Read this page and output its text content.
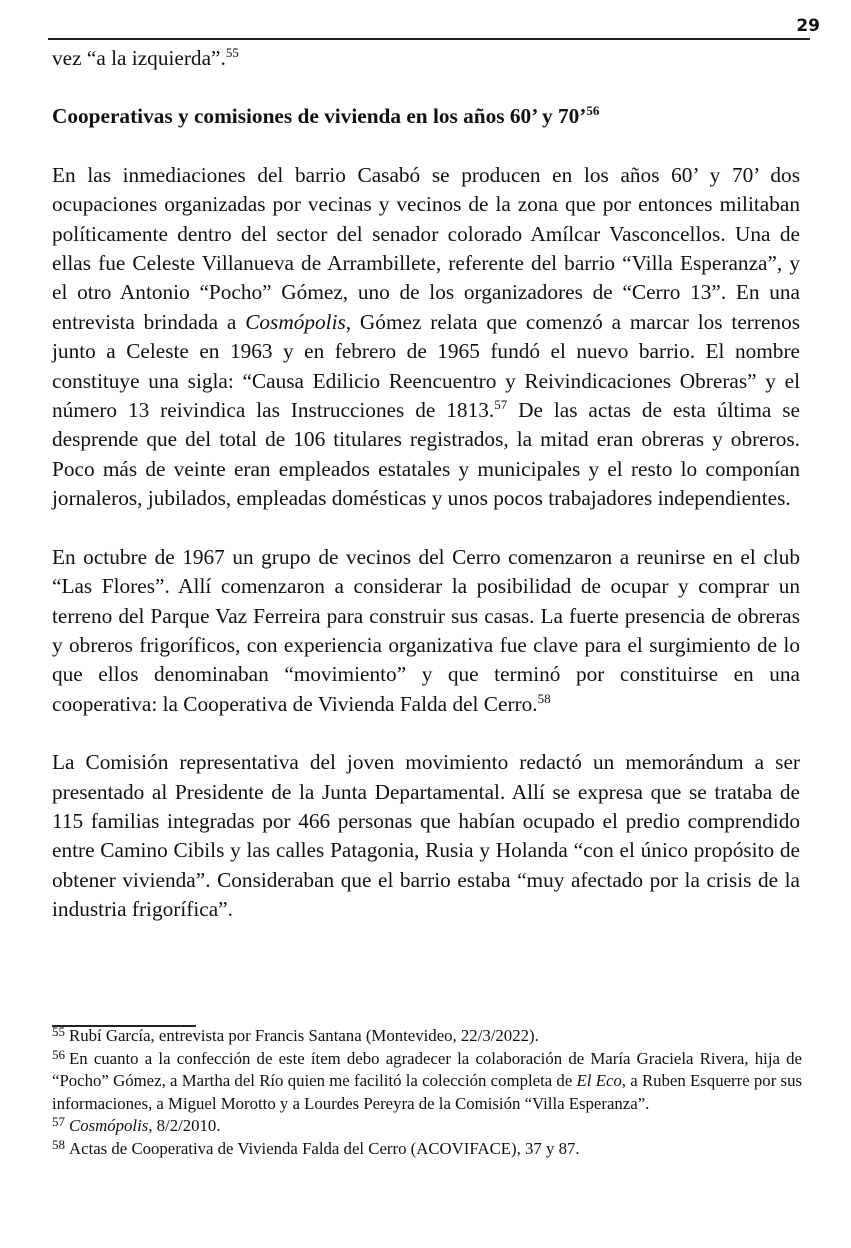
29

vez “a la izquierda”.$^{55}$

Cooperativas y comisiones de vivienda en los años 60’ y 70’$^{56}$

En las inmediaciones del barrio Casabó se producen en los años 60’ y 70’ dos ocupaciones organizadas por vecinas y vecinos de la zona que por entonces militaban políticamente dentro del sector del senador colorado Amílcar Vasconcellos. Una de ellas fue Celeste Villanueva de Arrambillete, referente del barrio “Villa Esperanza”, y el otro Antonio “Pocho” Gómez, uno de los organizadores de “Cerro 13”. En una entrevista brindada a Cosmópolis, Gómez relata que comenzó a marcar los terrenos junto a Celeste en 1963 y en febrero de 1965 fundó el nuevo barrio. El nombre constituye una sigla: “Causa Edilicio Reencuentro y Reivindicaciones Obreras” y el número 13 reivindica las Instrucciones de 1813.57 De las actas de esta última se desprende que del total de 106 titulares registrados, la mitad eran obreras y obreros. Poco más de veinte eran empleados estatales y municipales y el resto lo componían jornaleros, jubilados, empleadas domésticas y unos pocos trabajadores independientes.

En octubre de 1967 un grupo de vecinos del Cerro comenzaron a reunirse en el club “Las Flores”. Allí comenzaron a considerar la posibilidad de ocupar y comprar un terreno del Parque Vaz Ferreira para construir sus casas. La fuerte presencia de obreras y obreros frigoríficos, con experiencia organizativa fue clave para el surgimiento de lo que ellos denominaban “movimiento” y que terminó por constituirse en una cooperativa: la Cooperativa de Vivienda Falda del Cerro.$^{58}$

La Comisión representativa del joven movimiento redactó un memorándum a ser presentado al Presidente de la Junta Departamental. Allí se expresa que se trataba de 115 familias integradas por 466 personas que habían ocupado el predio comprendido entre Camino Cibils y las calles Patagonia, Rusia y Holanda “con el único propósito de obtener vivienda”. Consideraban que el barrio estaba “muy afectado por la crisis de la industria frigorífica”.

$^{55}$ Rubí García, entrevista por Francis Santana (Montevideo, 22/3/2022).

$^{56}$ En cuanto a la confección de este ítem debo agradecer la colaboración de María Graciela Rivera, hija de “Pocho” Gómez, a Martha del Río quien me facilitó la colección completa de El Eco, a Ruben Esquerre por sus informaciones, a Miguel Morotto y a Lourdes Pereyra de la Comisión “Villa Esperanza”.

$^{57}$ Cosmópolis, 8/2/2010.

$^{58}$ Actas de Cooperativa de Vivienda Falda del Cerro (ACOVIFACE), 37 y 87.
